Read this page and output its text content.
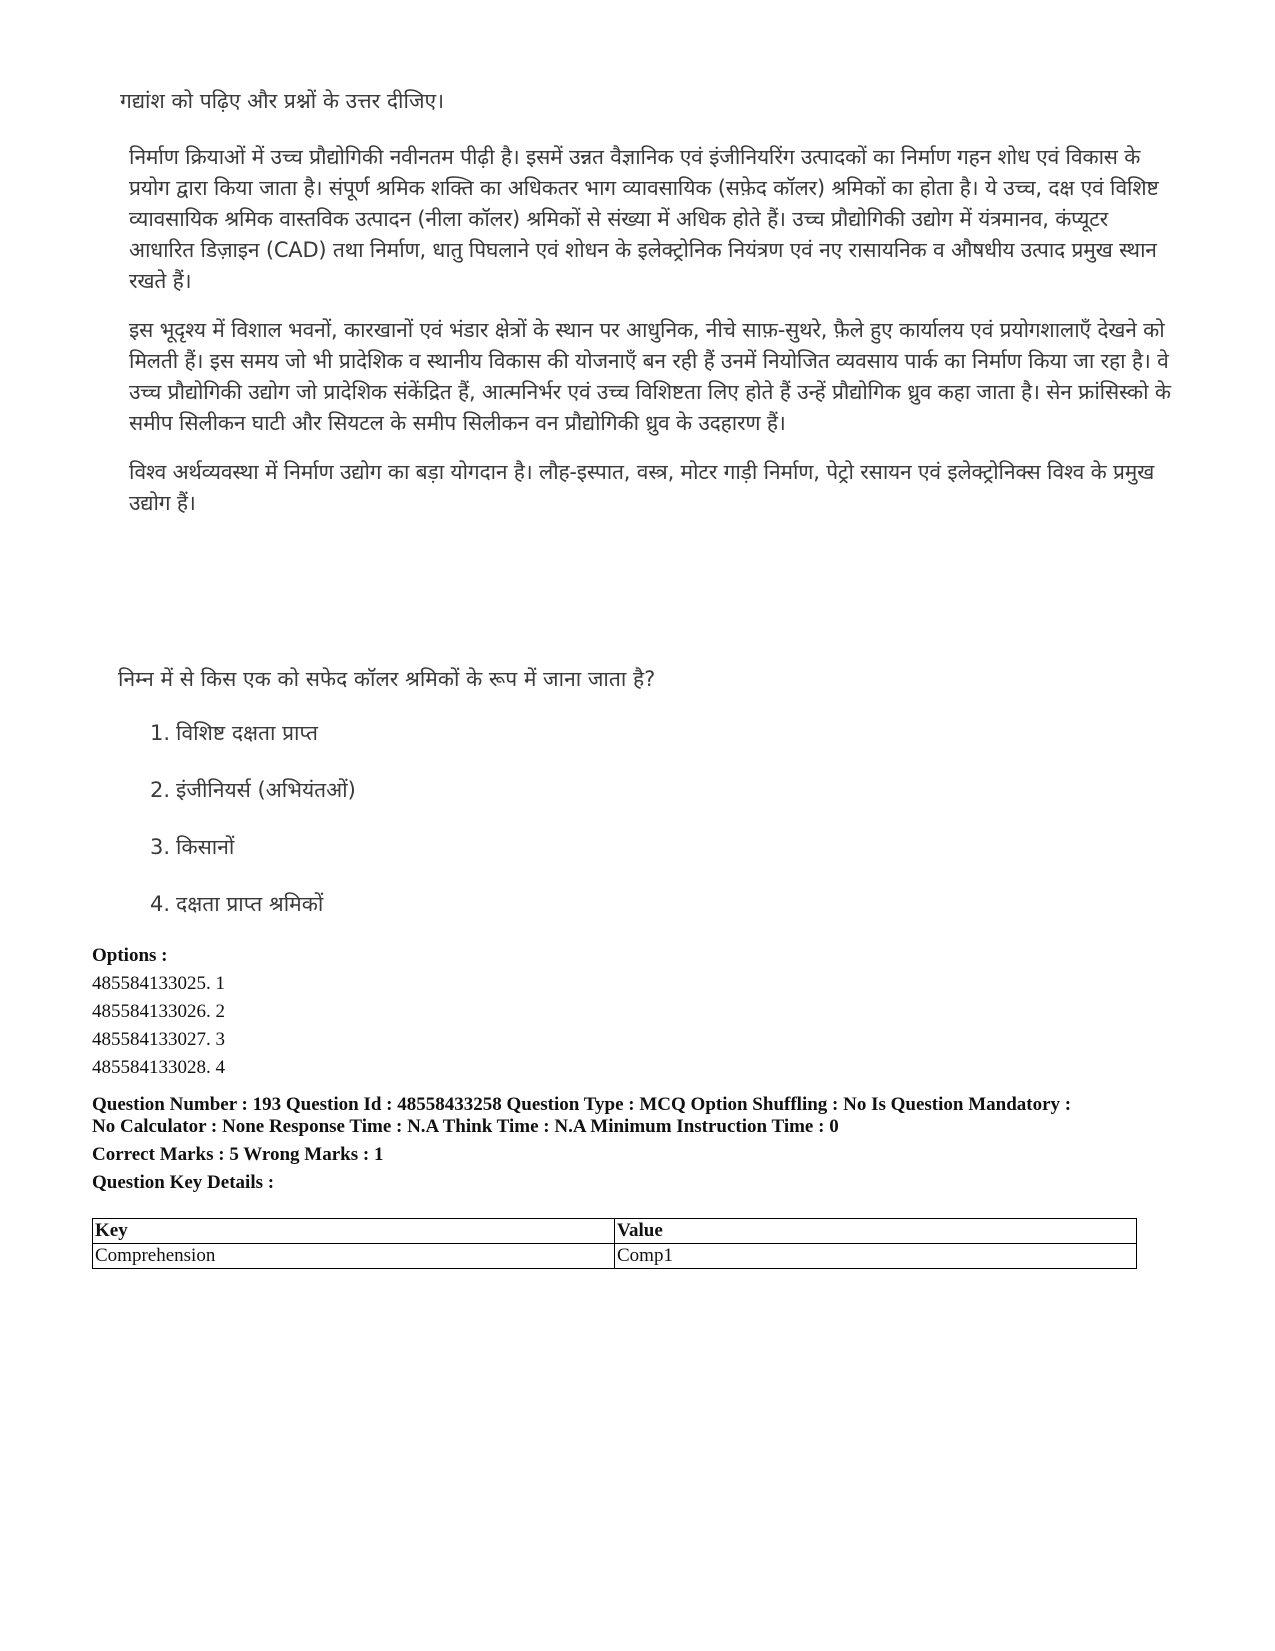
गद्यांश को पढ़िए और प्रश्नों के उत्तर दीजिए।

निर्माण क्रियाओं में उच्च प्रौद्योगिकी नवीनतम पीढ़ी है। इसमें उन्नत वैज्ञानिक एवं इंजीनियरिंग उत्पादकों का निर्माण गहन शोध एवं विकास के प्रयोग द्वारा किया जाता है। संपूर्ण श्रमिक शक्ति का अधिकतर भाग व्यावसायिक (सफ़ेद कॉलर) श्रमिकों का होता है। ये उच्च, दक्ष एवं विशिष्ट व्यावसायिक श्रमिक वास्तविक उत्पादन (नीला कॉलर) श्रमिकों से संख्या में अधिक होते हैं। उच्च प्रौद्योगिकी उद्योग में यंत्रमानव, कंप्यूटर आधारित डिज़ाइन (CAD) तथा निर्माण, धातु पिघलाने एवं शोधन के इलेक्ट्रोनिक नियंत्रण एवं नए रासायनिक व औषधीय उत्पाद प्रमुख स्थान रखते हैं।

इस भूदृश्य में विशाल भवनों, कारखानों एवं भंडार क्षेत्रों के स्थान पर आधुनिक, नीचे साफ़-सुथरे, फ़ैले हुए कार्यालय एवं प्रयोगशालाएँ देखने को मिलती हैं। इस समय जो भी प्रादेशिक व स्थानीय विकास की योजनाएँ बन रही हैं उनमें नियोजित व्यवसाय पार्क का निर्माण किया जा रहा है। वे उच्च प्रौद्योगिकी उद्योग जो प्रादेशिक संकेंद्रित हैं, आत्मनिर्भर एवं उच्च विशिष्टता लिए होते हैं उन्हें प्रौद्योगिक ध्रुव कहा जाता है। सेन फ्रांसिस्को के समीप सिलीकन घाटी और सियटल के समीप सिलीकन वन प्रौद्योगिकी ध्रुव के उदहारण हैं।

विश्व अर्थव्यवस्था में निर्माण उद्योग का बड़ा योगदान है। लौह-इस्पात, वस्त्र, मोटर गाड़ी निर्माण, पेट्रो रसायन एवं इलेक्ट्रोनिक्स विश्व के प्रमुख उद्योग हैं।

निम्न में से किस एक को सफेद कॉलर श्रमिकों के रूप में जाना जाता है?

1. विशिष्ट दक्षता प्राप्त
2. इंजीनियर्स (अभियंतओं)
3. किसानों
4. दक्षता प्राप्त श्रमिकों
Options :
485584133025. 1
485584133026. 2
485584133027. 3
485584133028. 4

Question Number : 193 Question Id : 48558433258 Question Type : MCQ Option Shuffling : No Is Question Mandatory :

No Calculator : None Response Time : N.A Think Time : N.A Minimum Instruction Time : 0

Correct Marks : 5 Wrong Marks : 1

Question Key Details :

Key	Value
Comprehension	Comp1
